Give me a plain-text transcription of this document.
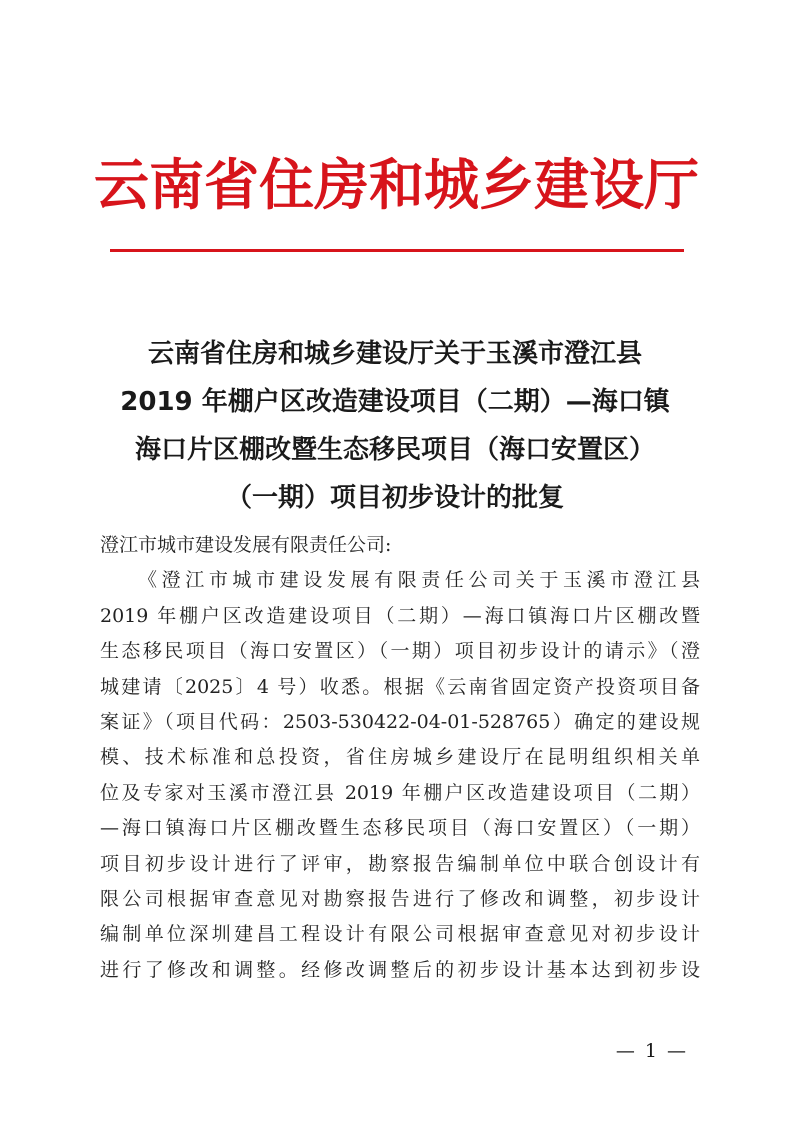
云南省住房和城乡建设厅
云南省住房和城乡建设厅关于玉溪市澄江县
2019 年棚户区改造建设项目（二期）—海口镇
海口片区棚改暨生态移民项目（海口安置区）
（一期）项目初步设计的批复
澄江市城市建设发展有限责任公司:
《澄江市城市建设发展有限责任公司关于玉溪市澄江县
2019 年棚户区改造建设项目（二期）—海口镇海口片区棚改暨
生态移民项目（海口安置区）（一期）项目初步设计的请示》（澄
城建请〔2025〕4 号）收悉。根据《云南省固定资产投资项目备
案证》（项目代码：2503-530422-04-01-528765）确定的建设规
模、技术标准和总投资，省住房城乡建设厅在昆明组织相关单
位及专家对玉溪市澄江县 2019 年棚户区改造建设项目（二期）
—海口镇海口片区棚改暨生态移民项目（海口安置区）（一期）
项目初步设计进行了评审，勘察报告编制单位中联合创设计有
限公司根据审查意见对勘察报告进行了修改和调整，初步设计
编制单位深圳建昌工程设计有限公司根据审查意见对初步设计
进行了修改和调整。经修改调整后的初步设计基本达到初步设
— 1 —
